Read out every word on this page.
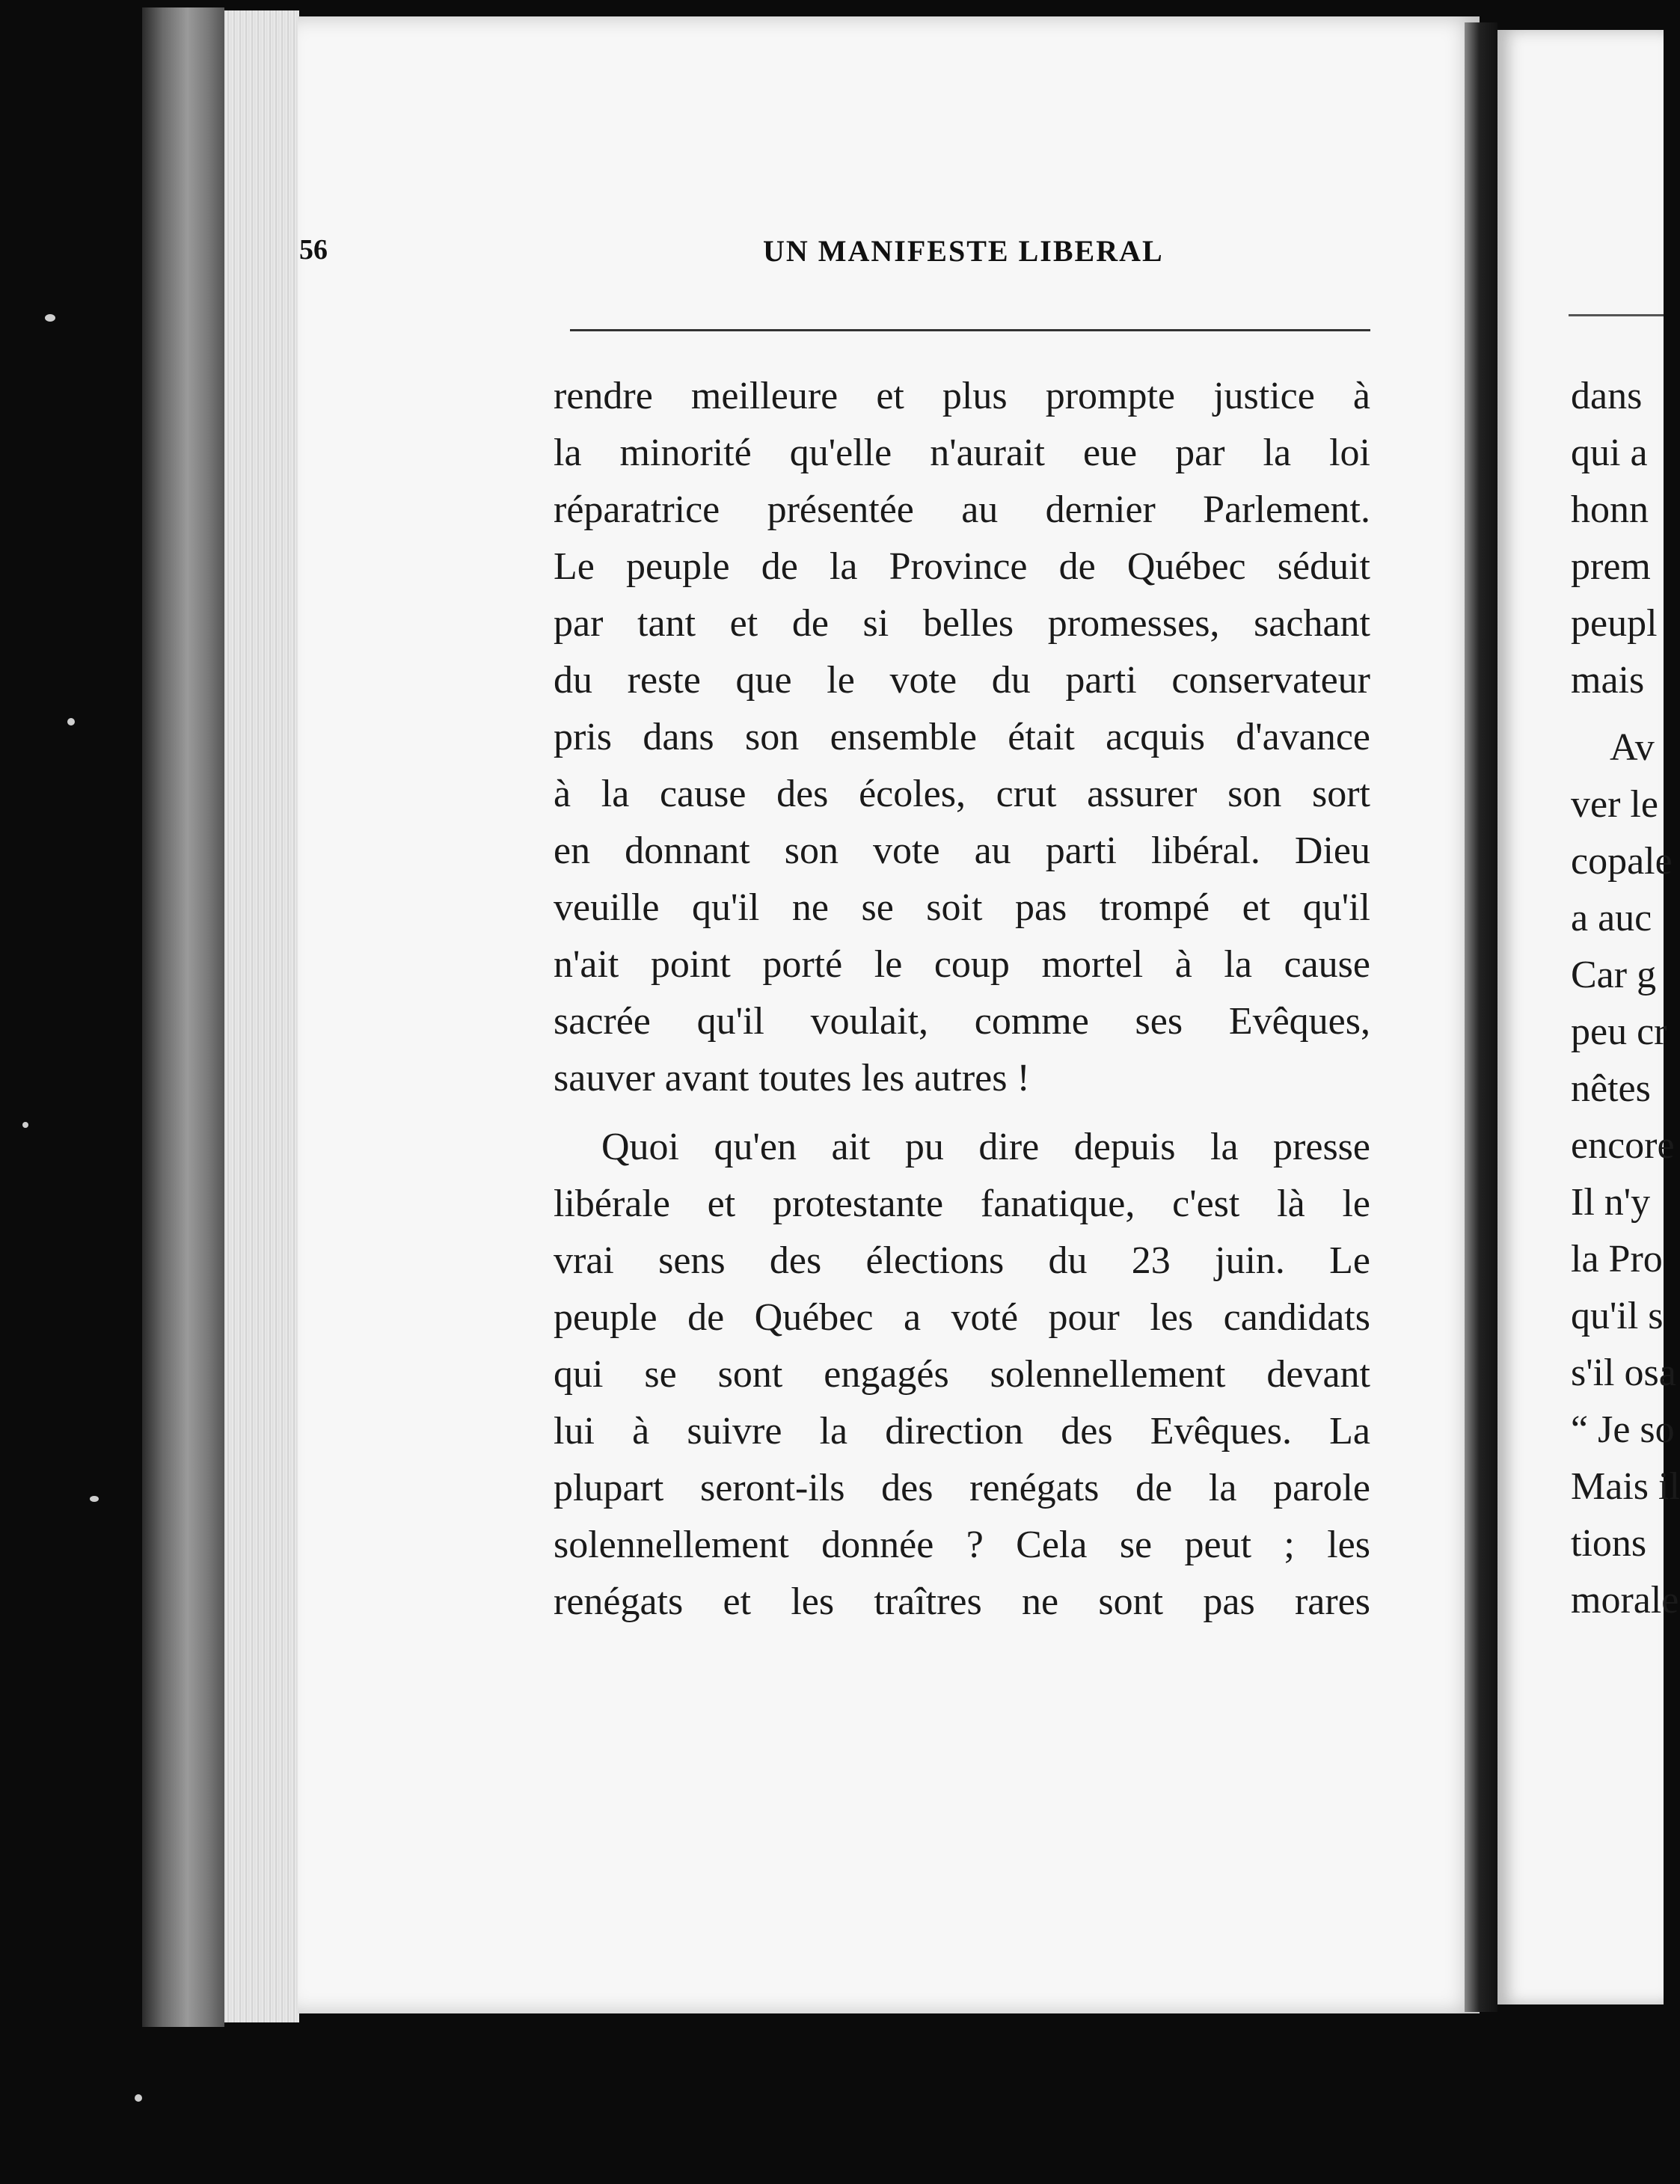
56	UN MANIFESTE LIBERAL
rendre meilleure et plus prompte justice à
la minorité qu'elle n'aurait eue par la loi
réparatrice présentée au dernier Parlement.
Le peuple de la Province de Québec séduit
par tant et de si belles promesses, sachant
du reste que le vote du parti conservateur
pris dans son ensemble était acquis d'avance
à la cause des écoles, crut assurer son sort
en donnant son vote au parti libéral. Dieu
veuille qu'il ne se soit pas trompé et qu'il
n'ait point porté le coup mortel à la cause
sacrée qu'il voulait, comme ses Evêques,
sauver avant toutes les autres !
Quoi qu'en ait pu dire depuis la presse
libérale et protestante fanatique, c'est là le
vrai sens des élections du 23 juin. Le
peuple de Québec a voté pour les candidats
qui se sont engagés solennellement devant
lui à suivre la direction des Evêques. La
plupart seront-ils des renégats de la parole
solennellement donnée ? Cela se peut ; les
renégats et les traîtres ne sont pas rares
dans
qui a
honn
prem
peupl
mais
Av
ver le
copale
a auc
Car g
peu cr
nêtes
encore
Il n'y
la Pro
qu'il s
s'il osa
“ Je so
Mais il
tions
morale
